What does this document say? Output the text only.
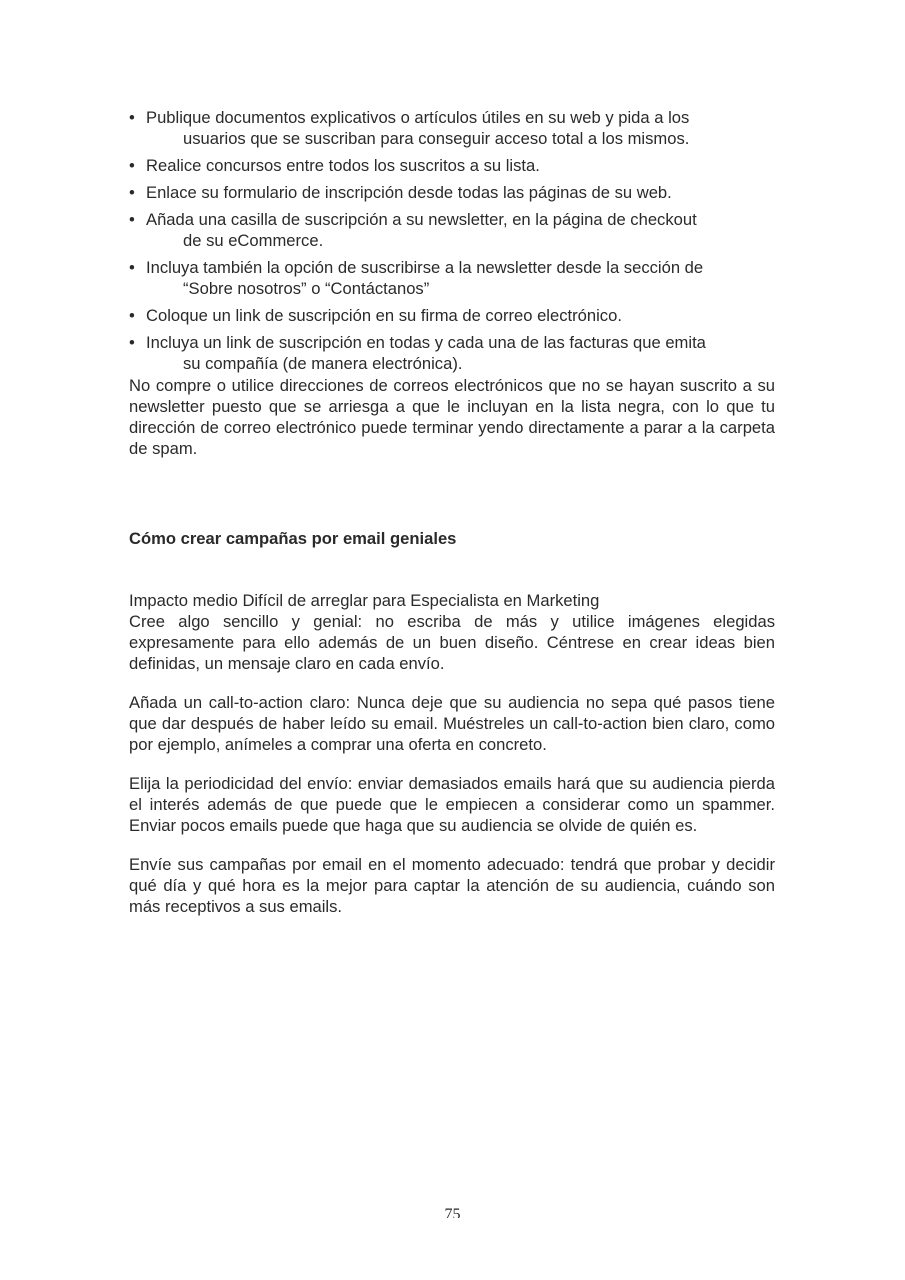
• Publique documentos explicativos o artículos útiles en su web y pida a los
usuarios que se suscriban para conseguir acceso total a los mismos.
• Realice concursos entre todos los suscritos a su lista.
• Enlace su formulario de inscripción desde todas las páginas de su web.
• Añada una casilla de suscripción a su newsletter, en la página de checkout
de su eCommerce.
• Incluya también la opción de suscribirse a la newsletter desde la sección de
“Sobre nosotros” o “Contáctanos”
• Coloque un link de suscripción en su firma de correo electrónico.
• Incluya un link de suscripción en todas y cada una de las facturas que emita
su compañía (de manera electrónica).

No compre o utilice direcciones de correos electrónicos que no se hayan suscrito a su newsletter puesto que se arriesga a que le incluyan en la lista negra, con lo que tu dirección de correo electrónico puede terminar yendo directamente a parar a la carpeta de spam.

Cómo crear campañas por email geniales

Impacto medio Difícil de arreglar para Especialista en Marketing

Cree algo sencillo y genial: no escriba de más y utilice imágenes elegidas expresamente para ello además de un buen diseño. Céntrese en crear ideas bien definidas, un mensaje claro en cada envío.

Añada un call-to-action claro: Nunca deje que su audiencia no sepa qué pasos tiene que dar después de haber leído su email. Muéstreles un call-to-action bien claro, como por ejemplo, anímeles a comprar una oferta en concreto.

Elija la periodicidad del envío: enviar demasiados emails hará que su audiencia pierda el interés además de que puede que le empiecen a considerar como un spammer. Enviar pocos emails puede que haga que su audiencia se olvide de quién es.

Envíe sus campañas por email en el momento adecuado: tendrá que probar y decidir qué día y qué hora es la mejor para captar la atención de su audiencia, cuándo son más receptivos a sus emails.

75
